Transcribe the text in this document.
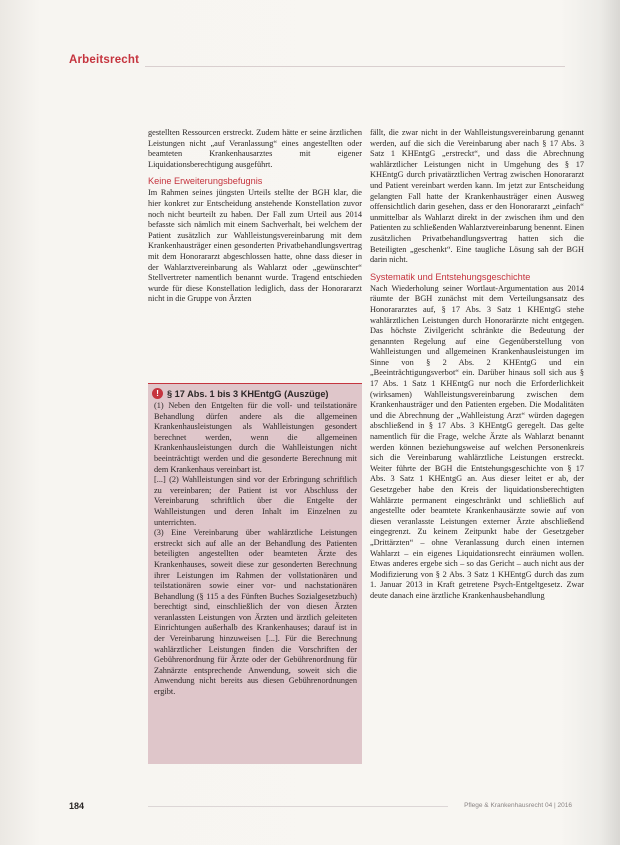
Arbeitsrecht

gestellten Ressourcen erstreckt. Zudem hätte er seine ärztlichen Leistungen nicht „auf Veranlassung“ eines angestellten oder beamteten Krankenhausarztes mit eigener Liquidationsberechtigung ausgeführt.

Keine Erweiterungsbefugnis

Im Rahmen seines jüngsten Urteils stellte der BGH klar, die hier konkret zur Entscheidung anstehende Konstellation zuvor noch nicht beurteilt zu haben. Der Fall zum Urteil aus 2014 befasste sich nämlich mit einem Sachverhalt, bei welchem der Patient zusätzlich zur Wahlleistungsvereinbarung mit dem Krankenhausträger einen gesonderten Privatbehandlungsvertrag mit dem Honorararzt abgeschlossen hatte, ohne dass dieser in der Wahlarztvereinbarung als Wahlarzt oder „gewünschter“ Stellvertreter namentlich benannt wurde. Tragend entschieden wurde für diese Konstellation lediglich, dass der Honorararzt nicht in die Gruppe von Ärzten

! § 17 Abs. 1 bis 3 KHEntgG (Auszüge)

(1) Neben den Entgelten für die voll- und teilstationäre Behandlung dürfen andere als die allgemeinen Krankenhausleistungen als Wahlleistungen gesondert berechnet werden, wenn die allgemeinen Krankenhausleistungen durch die Wahlleistungen nicht beeinträchtigt werden und die gesonderte Berechnung mit dem Krankenhaus vereinbart ist.

[...] (2) Wahlleistungen sind vor der Erbringung schriftlich zu vereinbaren; der Patient ist vor Abschluss der Vereinbarung schriftlich über die Entgelte der Wahlleistungen und deren Inhalt im Einzelnen zu unterrichten.

(3) Eine Vereinbarung über wahlärztliche Leistungen erstreckt sich auf alle an der Behandlung des Patienten beteiligten angestellten oder beamteten Ärzte des Krankenhauses, soweit diese zur gesonderten Berechnung ihrer Leistungen im Rahmen der vollstationären und teilstationären sowie einer vor- und nachstationären Behandlung (§ 115 a des Fünften Buches Sozialgesetzbuch) berechtigt sind, einschließlich der von diesen Ärzten veranlassten Leistungen von Ärzten und ärztlich geleiteten Einrichtungen außerhalb des Krankenhauses; darauf ist in der Vereinbarung hinzuweisen [...]. Für die Berechnung wahlärztlicher Leistungen finden die Vorschriften der Gebührenordnung für Ärzte oder der Gebührenordnung für Zahnärzte entsprechende Anwendung, soweit sich die Anwendung nicht bereits aus diesen Gebührenordnungen ergibt.

fällt, die zwar nicht in der Wahlleistungsvereinbarung genannt werden, auf die sich die Vereinbarung aber nach § 17 Abs. 3 Satz 1 KHEntgG „erstreckt“, und dass die Abrechnung wahlärztlicher Leistungen nicht in Umgehung des § 17 KHEntgG durch privatärztlichen Vertrag zwischen Honorararzt und Patient vereinbart werden kann. Im jetzt zur Entscheidung gelangten Fall hatte der Krankenhausträger einen Ausweg offensichtlich darin gesehen, dass er den Honorararzt „einfach“ unmittelbar als Wahlarzt direkt in der zwischen ihm und den Patienten zu schließenden Wahlarztvereinbarung benennt. Einen zusätzlichen Privatbehandlungsvertrag hatten sich die Beteiligten „geschenkt“. Eine taugliche Lösung sah der BGH darin nicht.

Systematik und Entstehungsgeschichte

Nach Wiederholung seiner Wortlaut-Argumentation aus 2014 räumte der BGH zunächst mit dem Verteilungsansatz des Honorararztes auf, § 17 Abs. 3 Satz 1 KHEntgG stehe wahlärztlichen Leistungen durch Honorarärzte nicht entgegen. Das höchste Zivilgericht schränkte die Bedeutung der genannten Regelung auf eine Gegenüberstellung von Wahlleistungen und allgemeinen Krankenhausleistungen im Sinne von § 2 Abs. 2 KHEntgG und ein „Beeinträchtigungsverbot“ ein. Darüber hinaus soll sich aus § 17 Abs. 1 Satz 1 KHEntgG nur noch die Erforderlichkeit (wirksamen) Wahlleistungsvereinbarung zwischen dem Krankenhausträger und den Patienten ergeben. Die Modalitäten und die Abrechnung der „Wahlleistung Arzt“ würden dagegen abschließend in § 17 Abs. 3 KHEntgG geregelt. Das gelte namentlich für die Frage, welche Ärzte als Wahlarzt benannt werden können beziehungsweise auf welchen Personenkreis sich die Vereinbarung wahlärztliche Leistungen erstreckt. Weiter führte der BGH die Entstehungsgeschichte von § 17 Abs. 3 Satz 1 KHEntgG an. Aus dieser leitet er ab, der Gesetzgeber habe den Kreis der liquidationsberechtigten Wahlärzte permanent eingeschränkt und schließlich auf angestellte oder beamtete Krankenhausärzte sowie auf von diesen veranlasste Leistungen externer Ärzte abschließend eingegrenzt. Zu keinem Zeitpunkt habe der Gesetzgeber „Drittärzten“ – ohne Veranlassung durch einen internen Wahlarzt – ein eigenes Liquidationsrecht einräumen wollen. Etwas anderes ergebe sich – so das Gericht – auch nicht aus der Modifizierung von § 2 Abs. 3 Satz 1 KHEntgG durch das zum 1. Januar 2013 in Kraft getretene Psych-Entgeltgesetz. Zwar deute danach eine ärztliche Krankenhausbehandlung

184	Pflege & Krankenhausrecht 04 | 2016
